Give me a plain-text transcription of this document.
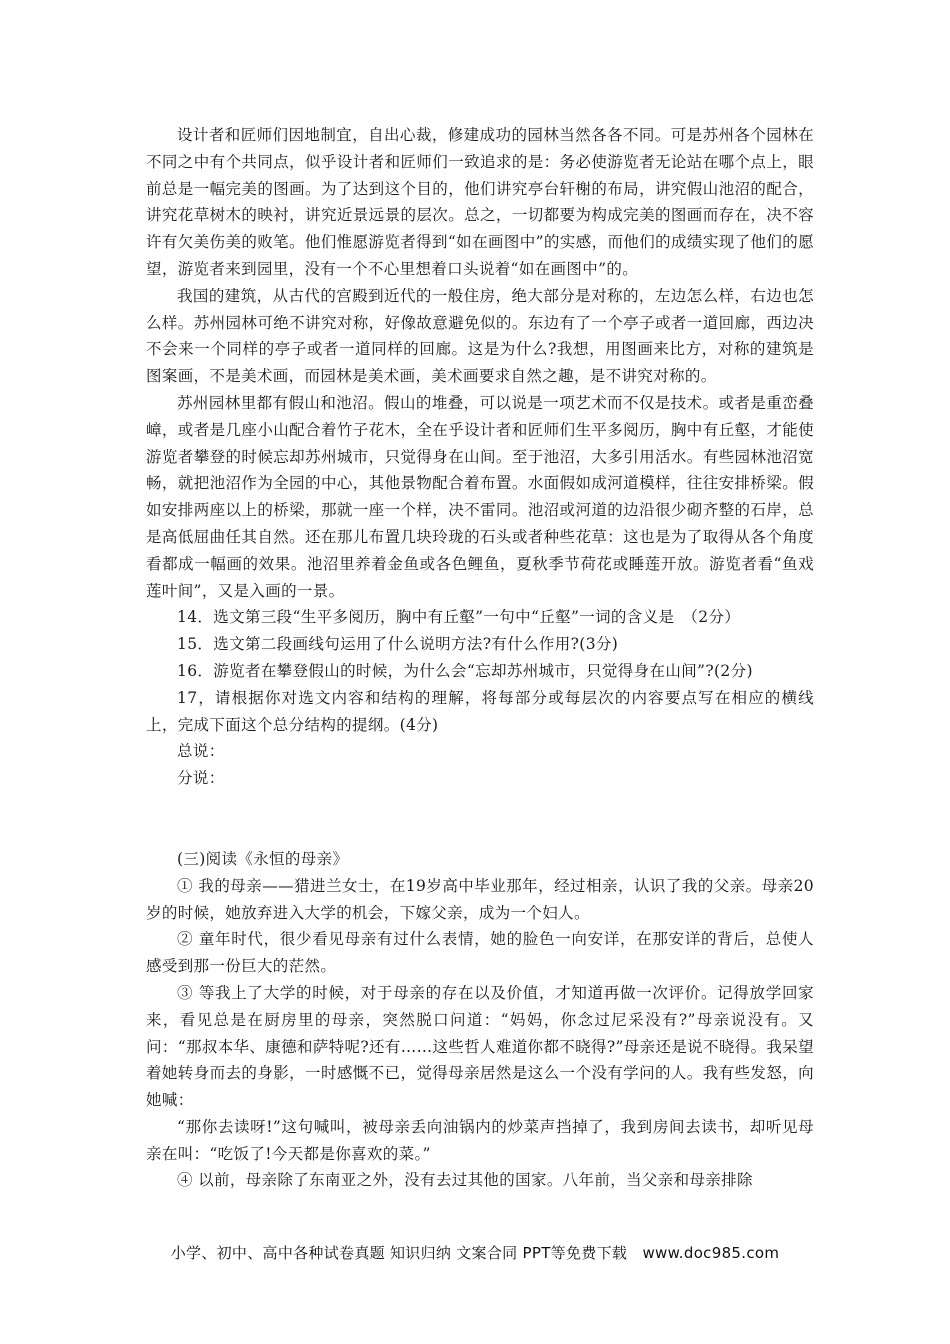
设计者和匠师们因地制宜，自出心裁，修建成功的园林当然各各不同。可是苏州各个园林在不同之中有个共同点，似乎设计者和匠师们一致追求的是：务必使游览者无论站在哪个点上，眼前总是一幅完美的图画。为了达到这个目的，他们讲究亭台轩榭的布局，讲究假山池沼的配合，讲究花草树木的映衬，讲究近景远景的层次。总之，一切都要为构成完美的图画而存在，决不容许有欠美伤美的败笔。他们惟愿游览者得到“如在画图中”的实感，而他们的成绩实现了他们的愿望，游览者来到园里，没有一个不心里想着口头说着“如在画图中”的。

我国的建筑，从古代的宫殿到近代的一般住房，绝大部分是对称的，左边怎么样，右边也怎么样。苏州园林可绝不讲究对称，好像故意避免似的。东边有了一个亭子或者一道回廊，西边决不会来一个同样的亭子或者一道同样的回廊。这是为什么?我想，用图画来比方，对称的建筑是图案画，不是美术画，而园林是美术画，美术画要求自然之趣，是不讲究对称的。

苏州园林里都有假山和池沼。假山的堆叠，可以说是一项艺术而不仅是技术。或者是重峦叠嶂，或者是几座小山配合着竹子花木，全在乎设计者和匠师们生平多阅历，胸中有丘壑，才能使游览者攀登的时候忘却苏州城市，只觉得身在山间。至于池沼，大多引用活水。有些园林池沼宽畅，就把池沼作为全园的中心，其他景物配合着布置。水面假如成河道模样，往往安排桥梁。假如安排两座以上的桥梁，那就一座一个样，决不雷同。池沼或河道的边沿很少砌齐整的石岸，总是高低屈曲任其自然。还在那儿布置几块玲珑的石头或者种些花草：这也是为了取得从各个角度看都成一幅画的效果。池沼里养着金鱼或各色鲤鱼，夏秋季节荷花或睡莲开放。游览者看“鱼戏莲叶间”，又是入画的一景。

14．选文第三段“生平多阅历，胸中有丘壑”一句中“丘壑”一词的含义是　（2分）

15．选文第二段画线句运用了什么说明方法?有什么作用?(3分)

16．游览者在攀登假山的时候，为什么会“忘却苏州城市，只觉得身在山间”?(2分)

17，请根据你对选文内容和结构的理解，将每部分或每层次的内容要点写在相应的横线上，完成下面这个总分结构的提纲。(4分)

总说：

分说：

(三)阅读《永恒的母亲》

① 我的母亲——猎进兰女士，在19岁高中毕业那年，经过相亲，认识了我的父亲。母亲20岁的时候，她放弃进入大学的机会，下嫁父亲，成为一个妇人。

② 童年时代，很少看见母亲有过什么表情，她的脸色一向安详，在那安详的背后，总使人感受到那一份巨大的茫然。

③ 等我上了大学的时候，对于母亲的存在以及价值，才知道再做一次评价。记得放学回家来，看见总是在厨房里的母亲，突然脱口问道：“妈妈，你念过尼采没有?”母亲说没有。又问：“那叔本华、康德和萨特呢?还有……这些哲人难道你都不晓得?”母亲还是说不晓得。我呆望着她转身而去的身影，一时感慨不已，觉得母亲居然是这么一个没有学问的人。我有些发怒，向她喊：

“那你去读呀!”这句喊叫，被母亲丢向油锅内的炒菜声挡掉了，我到房间去读书，却听见母亲在叫：“吃饭了!今天都是你喜欢的菜。”

④ 以前，母亲除了东南亚之外，没有去过其他的国家。八年前，当父亲和母亲排除

小学、初中、高中各种试卷真题 知识归纳 文案合同 PPT等免费下载　www.doc985.com
